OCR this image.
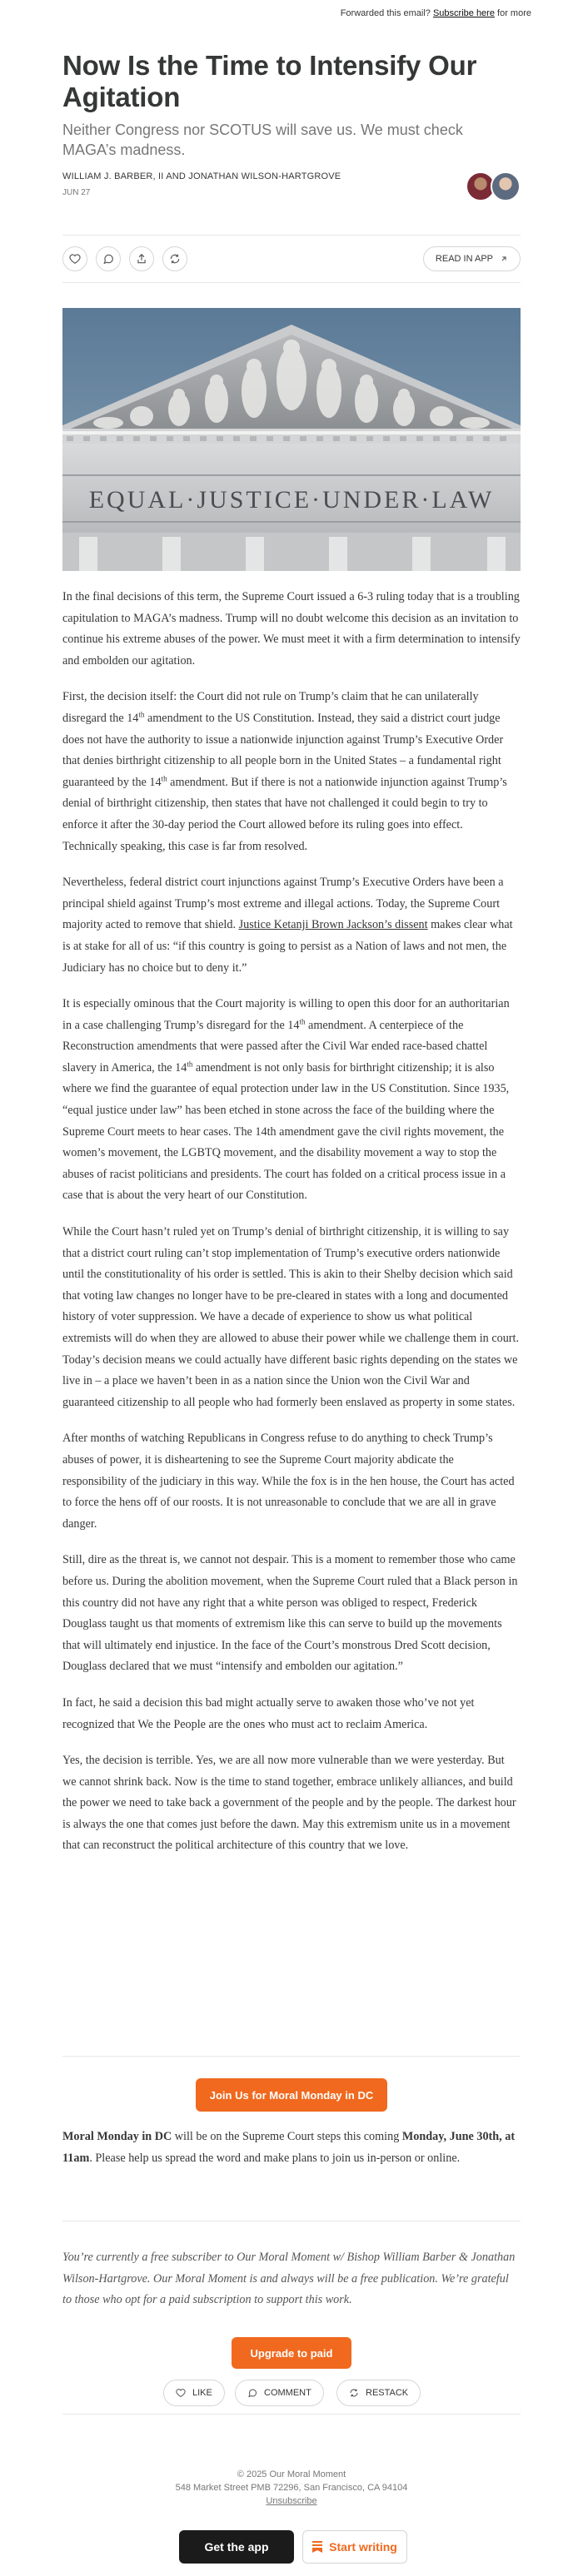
Forwarded this email? Subscribe here for more
Now Is the Time to Intensify Our Agitation
Neither Congress nor SCOTUS will save us. We must check MAGA’s madness.
WILLIAM J. BARBER, II AND JONATHAN WILSON-HARTGROVE
JUN 27
READ IN APP
EQUAL·JUSTICE·UNDER·LAW

In the final decisions of this term, the Supreme Court issued a 6-3 ruling today that is a troubling capitulation to MAGA’s madness. Trump will no doubt welcome this decision as an invitation to continue his extreme abuses of the power. We must meet it with a firm determination to intensify and embolden our agitation.

First, the decision itself: the Court did not rule on Trump’s claim that he can unilaterally disregard the 14th amendment to the US Constitution. Instead, they said a district court judge does not have the authority to issue a nationwide injunction against Trump’s Executive Order that denies birthright citizenship to all people born in the United States – a fundamental right guaranteed by the 14th amendment. But if there is not a nationwide injunction against Trump’s denial of birthright citizenship, then states that have not challenged it could begin to try to enforce it after the 30-day period the Court allowed before its ruling goes into effect. Technically speaking, this case is far from resolved.

Nevertheless, federal district court injunctions against Trump’s Executive Orders have been a principal shield against Trump’s most extreme and illegal actions. Today, the Supreme Court majority acted to remove that shield. Justice Ketanji Brown Jackson’s dissent makes clear what is at stake for all of us: “if this country is going to persist as a Nation of laws and not men, the Judiciary has no choice but to deny it.”

It is especially ominous that the Court majority is willing to open this door for an authoritarian in a case challenging Trump’s disregard for the 14th amendment. A centerpiece of the Reconstruction amendments that were passed after the Civil War ended race-based chattel slavery in America, the 14th amendment is not only basis for birthright citizenship; it is also where we find the guarantee of equal protection under law in the US Constitution. Since 1935, “equal justice under law” has been etched in stone across the face of the building where the Supreme Court meets to hear cases. The 14th amendment gave the civil rights movement, the women’s movement, the LGBTQ movement, and the disability movement a way to stop the abuses of racist politicians and presidents. The court has folded on a critical process issue in a case that is about the very heart of our Constitution.

While the Court hasn’t ruled yet on Trump’s denial of birthright citizenship, it is willing to say that a district court ruling can’t stop implementation of Trump’s executive orders nationwide until the constitutionality of his order is settled. This is akin to their Shelby decision which said that voting law changes no longer have to be pre-cleared in states with a long and documented history of voter suppression. We have a decade of experience to show us what political extremists will do when they are allowed to abuse their power while we challenge them in court. Today’s decision means we could actually have different basic rights depending on the states we live in – a place we haven’t been in as a nation since the Union won the Civil War and guaranteed citizenship to all people who had formerly been enslaved as property in some states.

After months of watching Republicans in Congress refuse to do anything to check Trump’s abuses of power, it is disheartening to see the Supreme Court majority abdicate the responsibility of the judiciary in this way. While the fox is in the hen house, the Court has acted to force the hens off of our roosts. It is not unreasonable to conclude that we are all in grave danger.

Still, dire as the threat is, we cannot not despair. This is a moment to remember those who came before us. During the abolition movement, when the Supreme Court ruled that a Black person in this country did not have any right that a white person was obliged to respect, Frederick Douglass taught us that moments of extremism like this can serve to build up the movements that will ultimately end injustice. In the face of the Court’s monstrous Dred Scott decision, Douglass declared that we must “intensify and embolden our agitation.”

In fact, he said a decision this bad might actually serve to awaken those who’ve not yet recognized that We the People are the ones who must act to reclaim America.

Yes, the decision is terrible. Yes, we are all now more vulnerable than we were yesterday. But we cannot shrink back. Now is the time to stand together, embrace unlikely alliances, and build the power we need to take back a government of the people and by the people. The darkest hour is always the one that comes just before the dawn. May this extremism unite us in a movement that can reconstruct the political architecture of this country that we love.

Join Us for Moral Monday in DC

Moral Monday in DC will be on the Supreme Court steps this coming Monday, June 30th, at 11am. Please help us spread the word and make plans to join us in-person or online.

You’re currently a free subscriber to Our Moral Moment w/ Bishop William Barber & Jonathan Wilson-Hartgrove. Our Moral Moment is and always will be a free publication. We’re grateful to those who opt for a paid subscription to support this work.

Upgrade to paid
LIKE	COMMENT	RESTACK
© 2025 Our Moral Moment
548 Market Street PMB 72296, San Francisco, CA 94104
Unsubscribe
Get the app	Start writing
